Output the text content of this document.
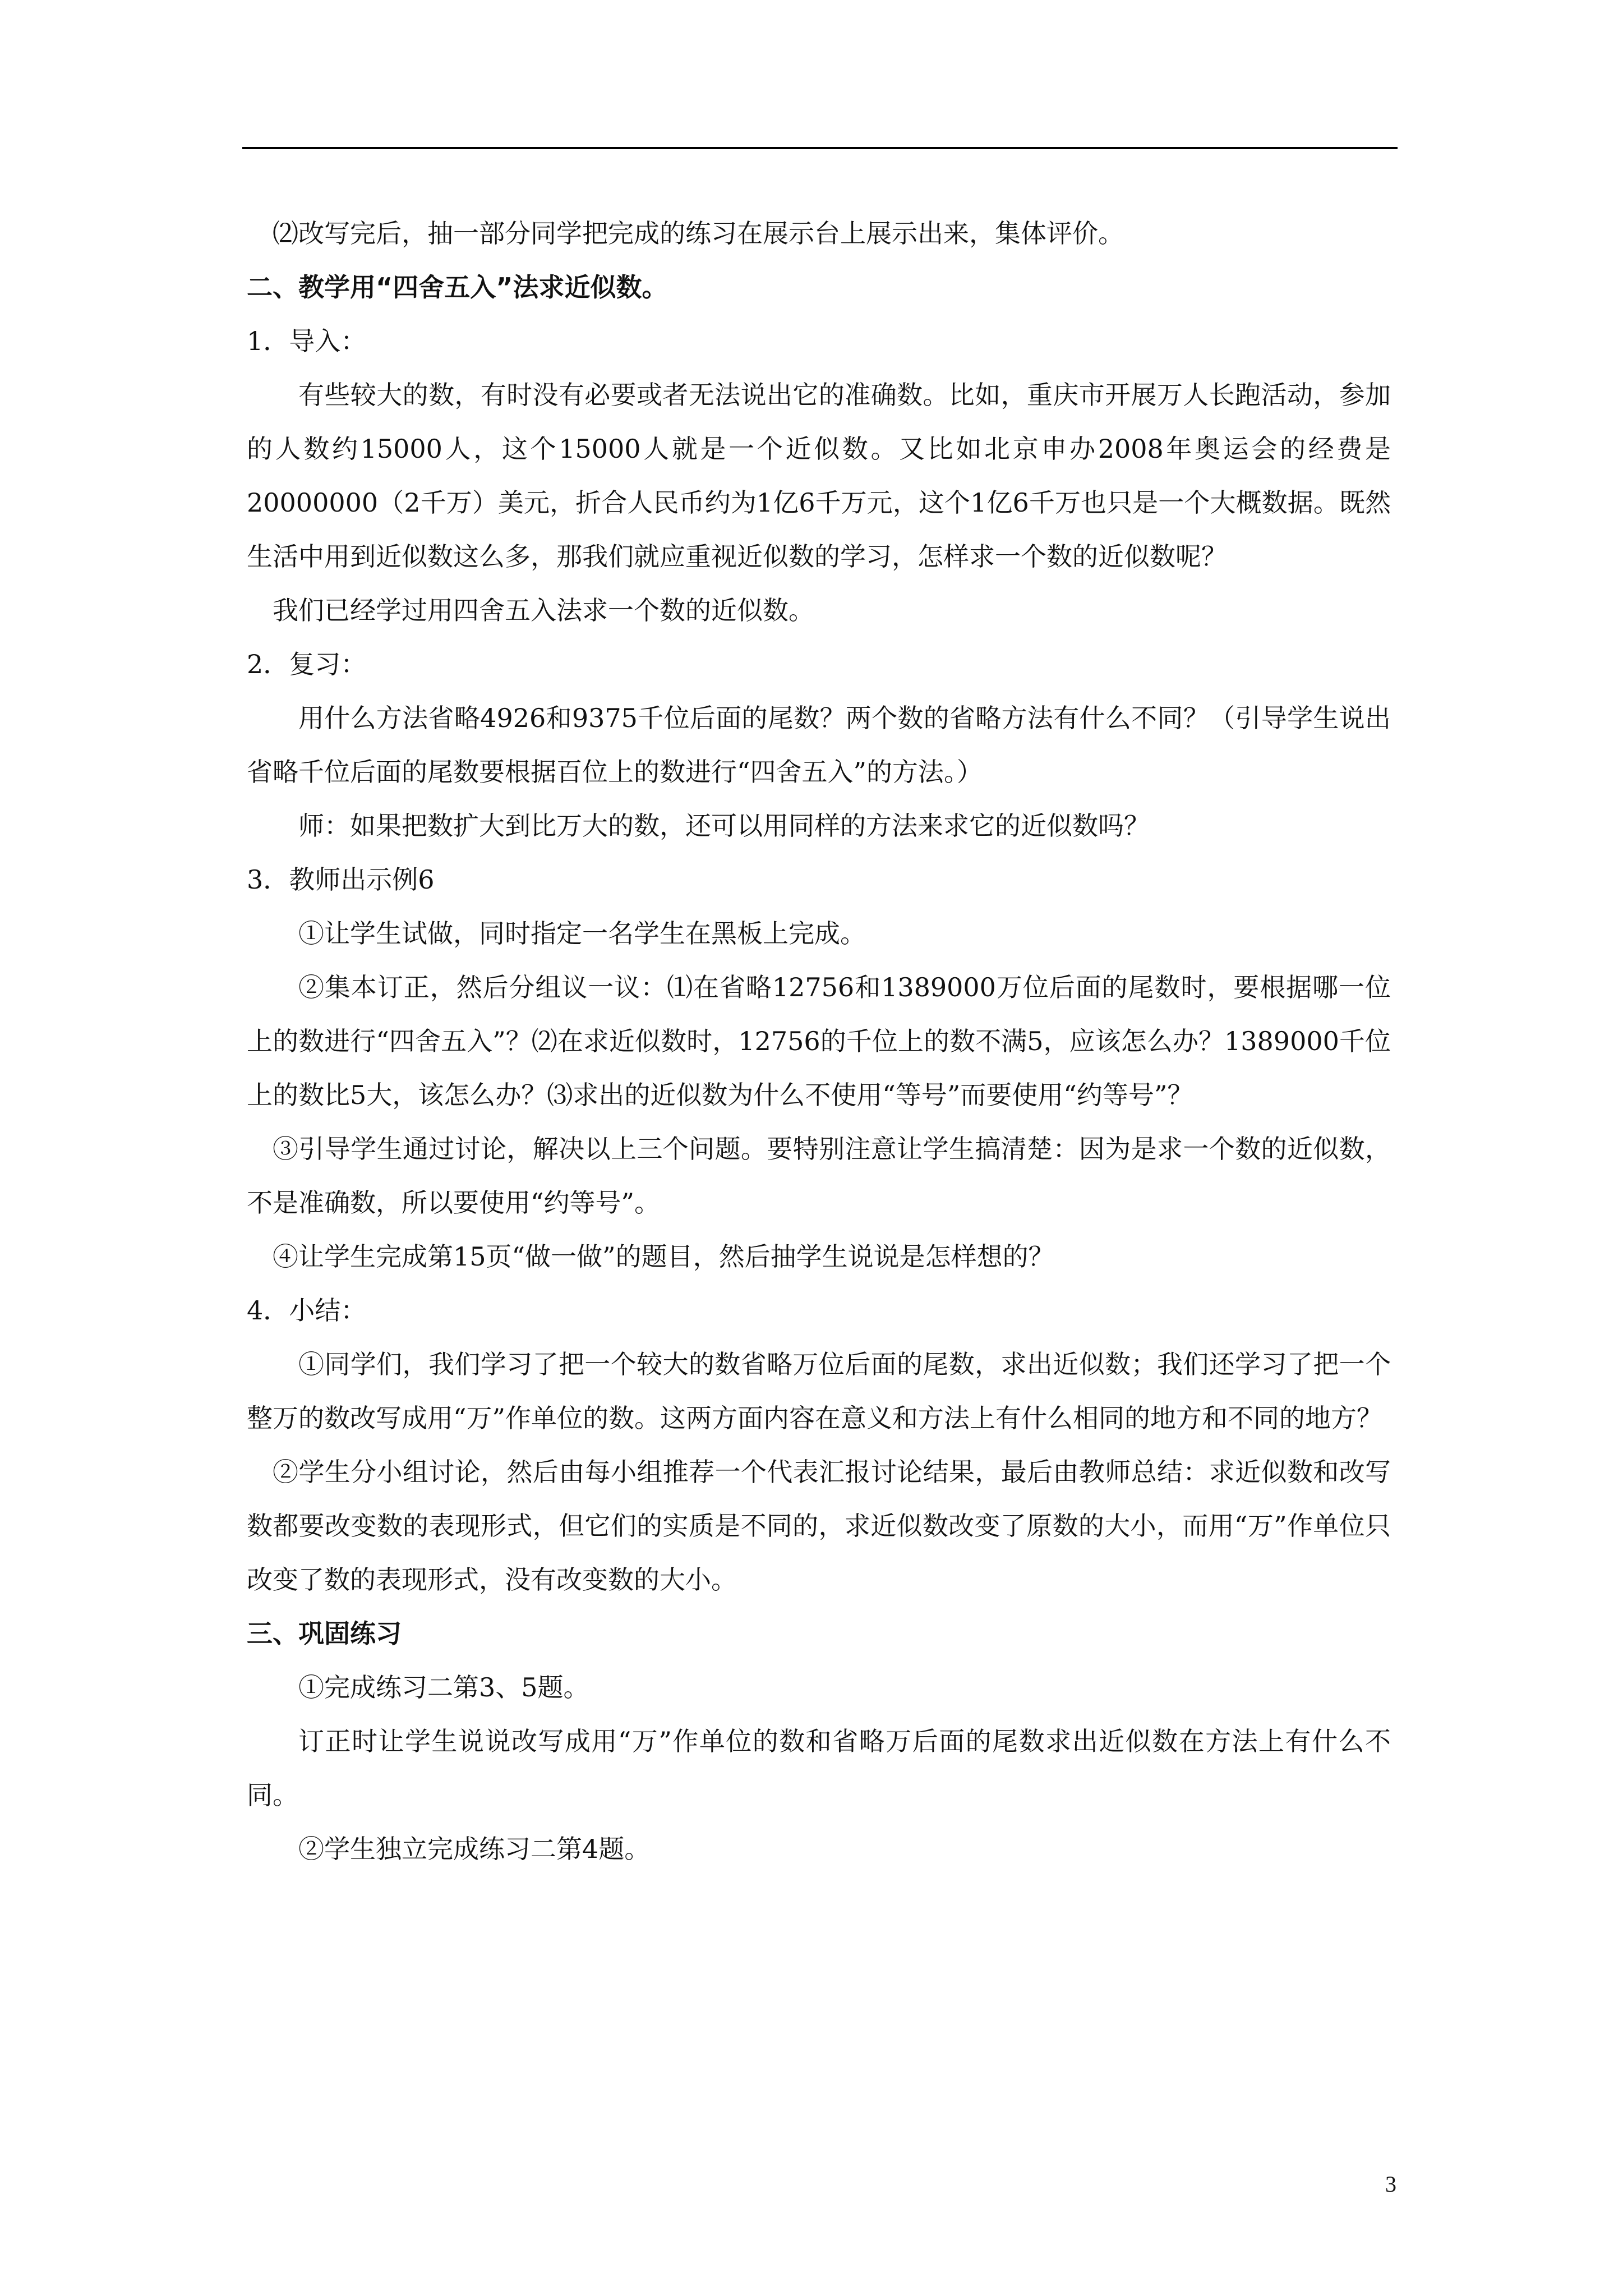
⑵改写完后，抽一部分同学把完成的练习在展示台上展示出来，集体评价。

二、教学用“四舍五入”法求近似数。

1．导入：

有些较大的数，有时没有必要或者无法说出它的准确数。比如，重庆市开展万人长跑活动，参加的人数约15000人，这个15000人就是一个近似数。又比如北京申办2008年奥运会的经费是20000000（2千万）美元，折合人民币约为1亿6千万元，这个1亿6千万也只是一个大概数据。既然生活中用到近似数这么多，那我们就应重视近似数的学习，怎样求一个数的近似数呢？

我们已经学过用四舍五入法求一个数的近似数。

2．复习：

用什么方法省略4926和9375千位后面的尾数？两个数的省略方法有什么不同？（引导学生说出省略千位后面的尾数要根据百位上的数进行“四舍五入”的方法。）

师：如果把数扩大到比万大的数，还可以用同样的方法来求它的近似数吗？

3．教师出示例6

①让学生试做，同时指定一名学生在黑板上完成。

②集本订正，然后分组议一议：⑴在省略12756和1389000万位后面的尾数时，要根据哪一位上的数进行“四舍五入”？⑵在求近似数时，12756的千位上的数不满5，应该怎么办？1389000千位上的数比5大，该怎么办？⑶求出的近似数为什么不使用“等号”而要使用“约等号”？

③引导学生通过讨论，解决以上三个问题。要特别注意让学生搞清楚：因为是求一个数的近似数，不是准确数，所以要使用“约等号”。

④让学生完成第15页“做一做”的题目，然后抽学生说说是怎样想的？

4．小结：

①同学们，我们学习了把一个较大的数省略万位后面的尾数，求出近似数；我们还学习了把一个整万的数改写成用“万”作单位的数。这两方面内容在意义和方法上有什么相同的地方和不同的地方？

②学生分小组讨论，然后由每小组推荐一个代表汇报讨论结果，最后由教师总结：求近似数和改写数都要改变数的表现形式，但它们的实质是不同的，求近似数改变了原数的大小，而用“万”作单位只改变了数的表现形式，没有改变数的大小。

三、巩固练习

①完成练习二第3、5题。

订正时让学生说说改写成用“万”作单位的数和省略万后面的尾数求出近似数在方法上有什么不同。

②学生独立完成练习二第4题。

3
